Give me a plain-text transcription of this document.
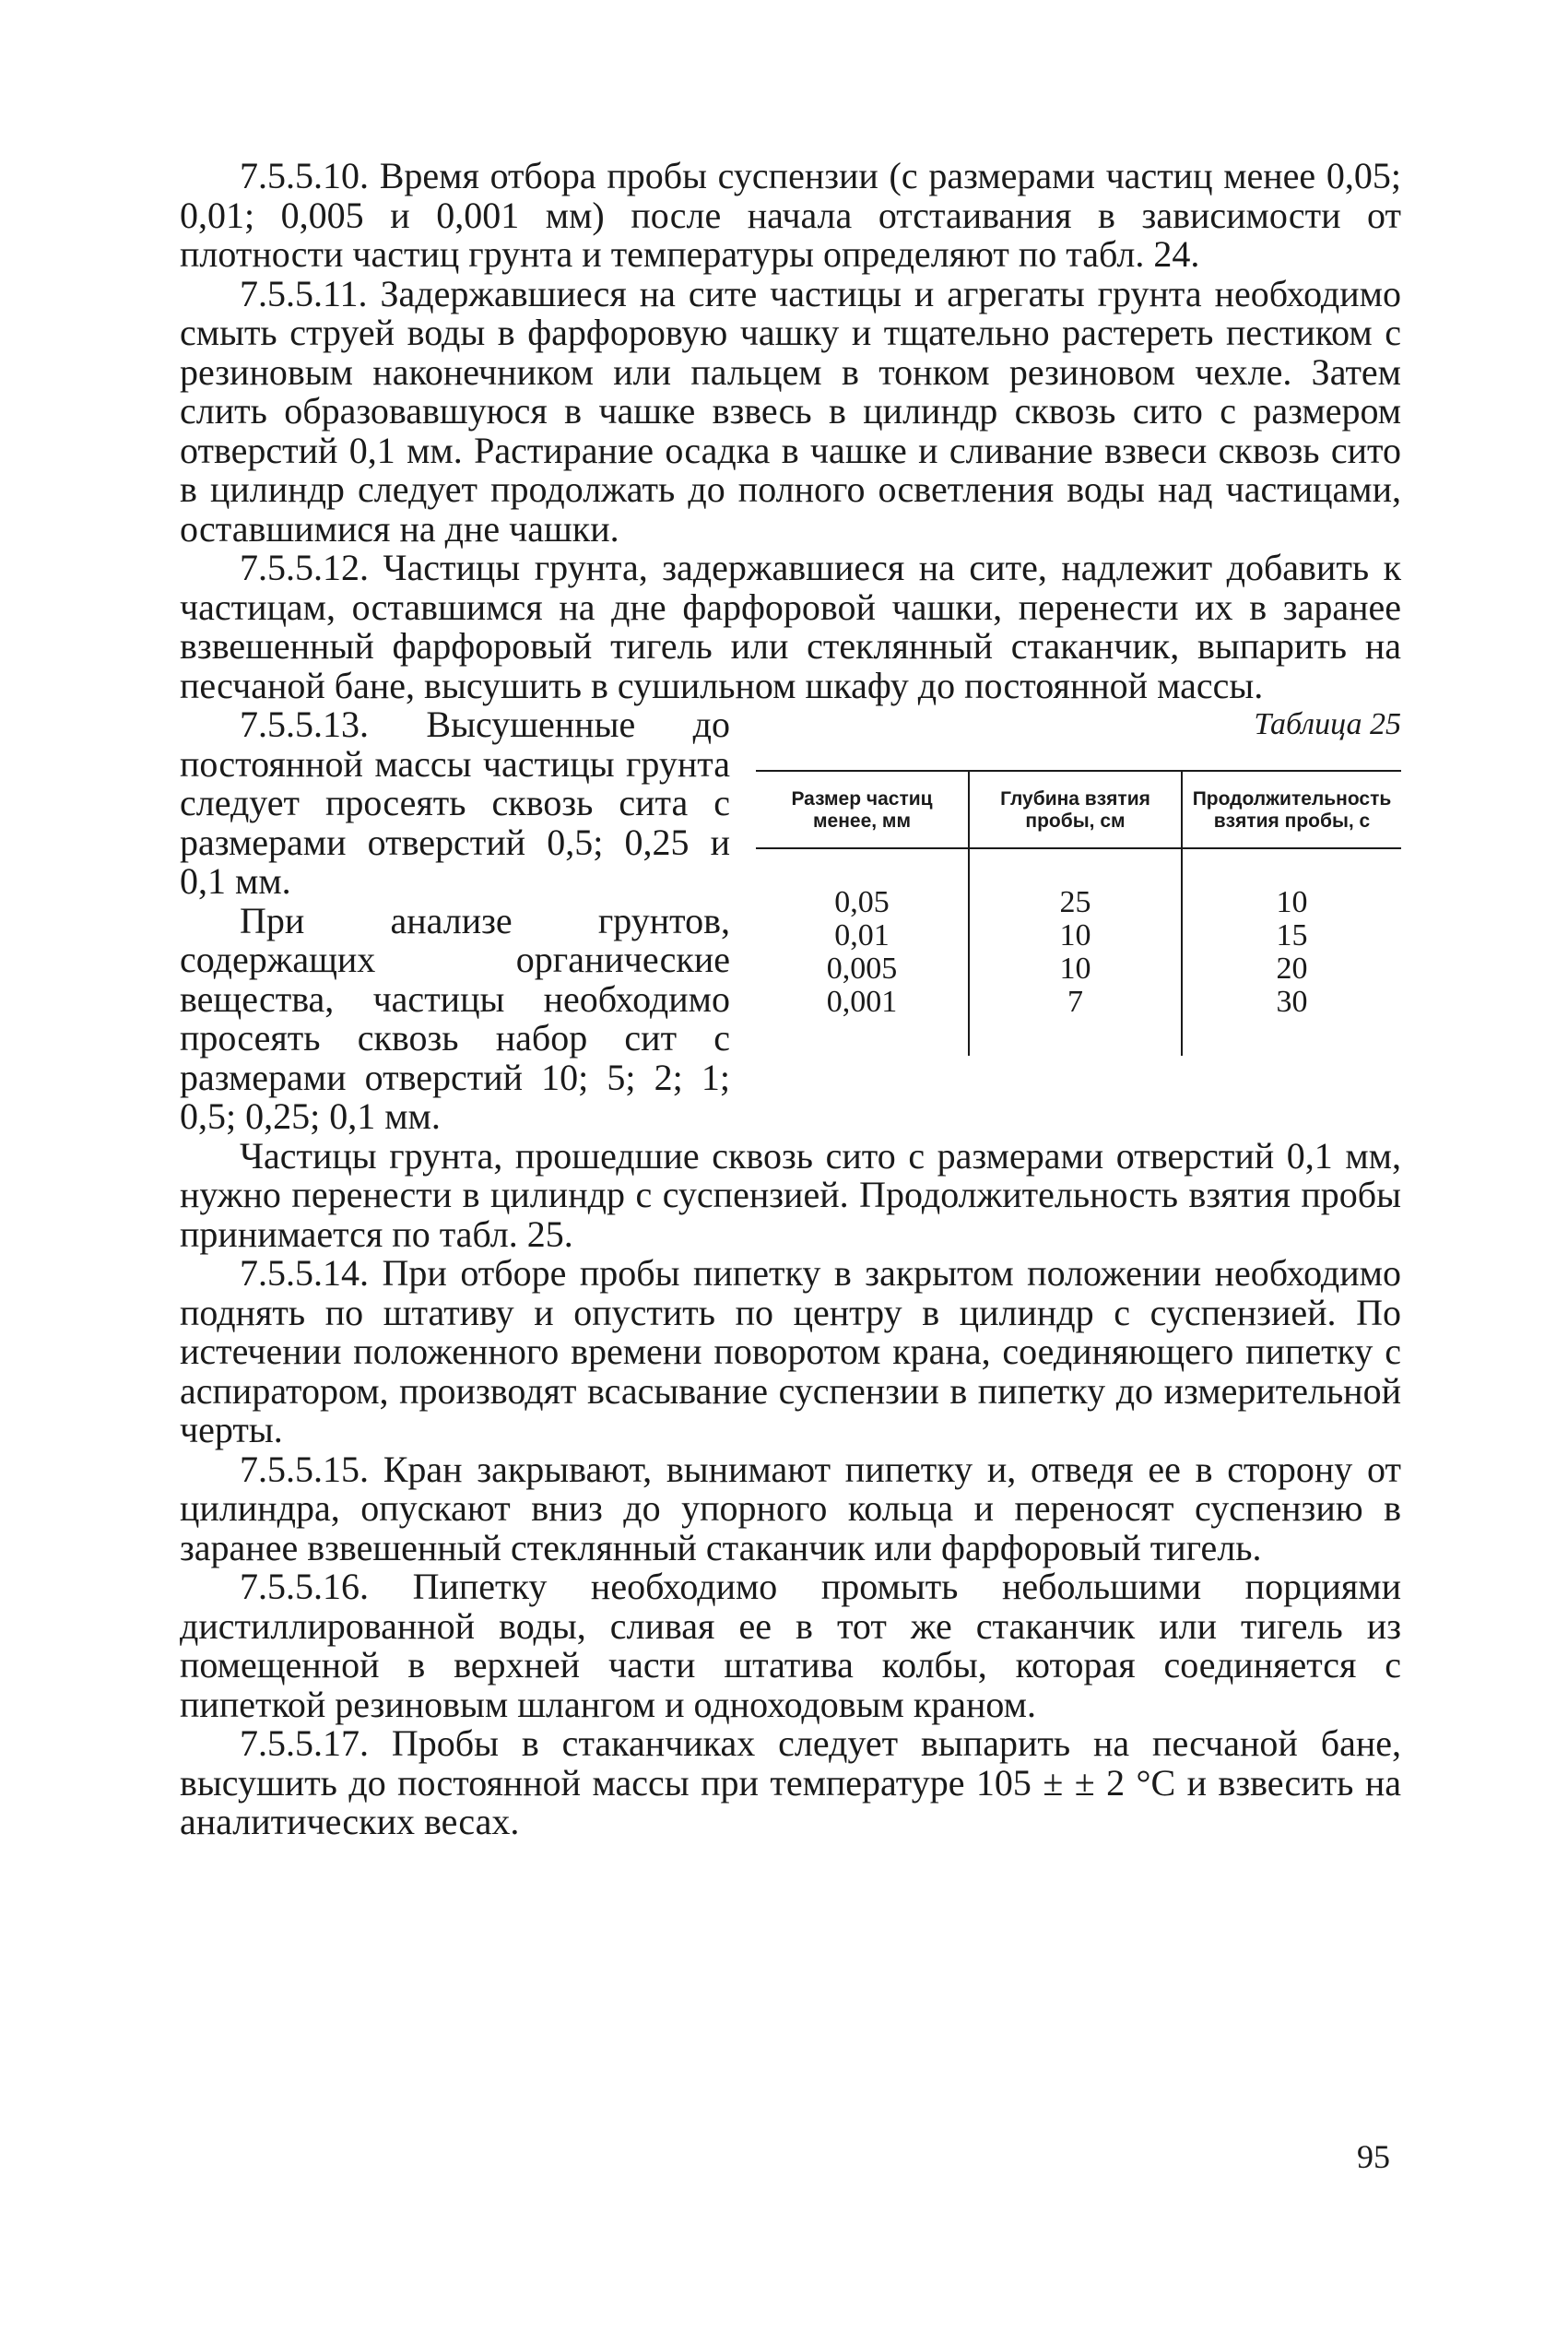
7.5.5.10. Время отбора пробы суспензии (с размерами частиц менее 0,05; 0,01; 0,005 и 0,001 мм) после начала отстаивания в зависимости от плотности частиц грунта и температуры определяют по табл. 24.

7.5.5.11. Задержавшиеся на сите частицы и агрегаты грунта необходимо смыть струей воды в фарфоровую чашку и тщательно растереть пестиком с резиновым наконечником или пальцем в тонком резиновом чехле. Затем слить образовавшуюся в чашке взвесь в цилиндр сквозь сито с размером отверстий 0,1 мм. Растирание осадка в чашке и сливание взвеси сквозь сито в цилиндр следует продолжать до полного осветления воды над частицами, оставшимися на дне чашки.

7.5.5.12. Частицы грунта, задержавшиеся на сите, надлежит добавить к частицам, оставшимся на дне фарфоровой чашки, перенести их в заранее взвешенный фарфоровый тигель или стеклянный стаканчик, выпарить на песчаной бане, высушить в сушильном шкафу до постоянной массы.

Таблица 25
Размер частиц менее, мм	Глубина взятия пробы, см	Продолжительность взятия пробы, с
0,05	25	10
0,01	10	15
0,005	10	20
0,001	7	30

7.5.5.13. Высушенные до постоянной массы частицы грунта следует просеять сквозь сита с размерами отверстий 0,5; 0,25 и 0,1 мм.

При анализе грунтов, содержащих органические вещества, частицы необходимо просеять сквозь набор сит с размерами отверстий 10; 5; 2; 1; 0,5; 0,25; 0,1 мм.

Частицы грунта, прошедшие сквозь сито с размерами отверстий 0,1 мм, нужно перенести в цилиндр с суспензией. Продолжительность взятия пробы принимается по табл. 25.

7.5.5.14. При отборе пробы пипетку в закрытом положении необходимо поднять по штативу и опустить по центру в цилиндр с суспензией. По истечении положенного времени поворотом крана, соединяющего пипетку с аспиратором, производят всасывание суспензии в пипетку до измерительной черты.

7.5.5.15. Кран закрывают, вынимают пипетку и, отведя ее в сторону от цилиндра, опускают вниз до упорного кольца и переносят суспензию в заранее взвешенный стеклянный стаканчик или фарфоровый тигель.

7.5.5.16. Пипетку необходимо промыть небольшими порциями дистиллированной воды, сливая ее в тот же стаканчик или тигель из помещенной в верхней части штатива колбы, которая соединяется с пипеткой резиновым шлангом и одноходовым краном.

7.5.5.17. Пробы в стаканчиках следует выпарить на песчаной бане, высушить до постоянной массы при температуре 105 ± ± 2 °С и взвесить на аналитических весах.

95
